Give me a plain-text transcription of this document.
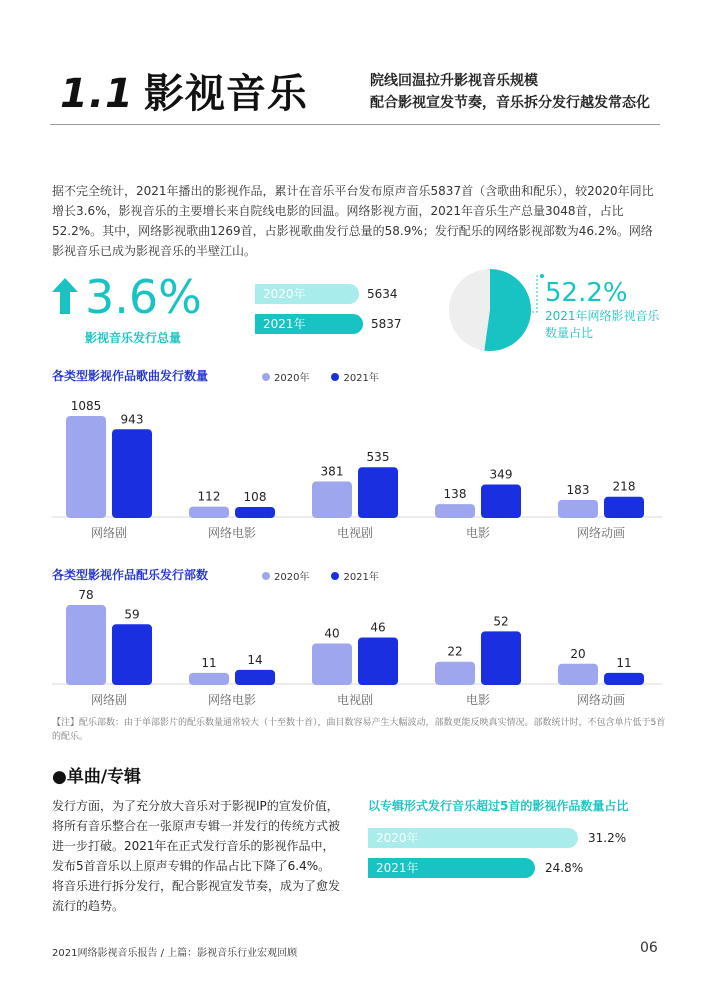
1.1 影视音乐	院线回温拉升影视音乐规模
配合影视宣发节奏，音乐拆分发行越发常态化

据不完全统计，2021年播出的影视作品，累计在音乐平台发布原声音乐5837首（含歌曲和配乐），较2020年同比增长3.6%，影视音乐的主要增长来自院线电影的回温。网络影视方面，2021年音乐生产总量3048首，占比52.2%。其中，网络影视歌曲1269首，占影视歌曲发行总量的58.9%；发行配乐的网络影视部数为46.2%。网络影视音乐已成为影视音乐的半壁江山。

3.6%
影视音乐发行总量
2020年	5634
2021年	5837
52.2%
2021年网络影视音乐数量占比
各类型影视作品歌曲发行数量	2020年	2021年
1085
943
网络剧
112 108
网络电影
381
535
电视剧
138
349
电影
183 218
网络动画
各类型影视作品配乐发行部数	2020年	2021年
78
59
网络剧
11	14
网络电影
40	46
电视剧
22
52
电影
20
11
网络动画
【注】配乐部数：由于单部影片的配乐数量通常较大（十至数十首），曲目数容易产生大幅波动，部数更能反映真实情况。部数统计时，不包含单片低于5首的配乐。
●单曲/专辑
发行方面，为了充分放大音乐对于影视IP的宣发价值，将所有音乐整合在一张原声专辑一并发行的传统方式被进一步打破。2021年在正式发行音乐的影视作品中，发布5首音乐以上原声专辑的作品占比下降了6.4%。将音乐进行拆分发行，配合影视宣发节奏，成为了愈发流行的趋势。
以专辑形式发行音乐超过5首的影视作品数量占比
2020年	31.2%
2021年	24.8%
2021网络影视音乐报告 / 上篇：影视音乐行业宏观回顾	06
